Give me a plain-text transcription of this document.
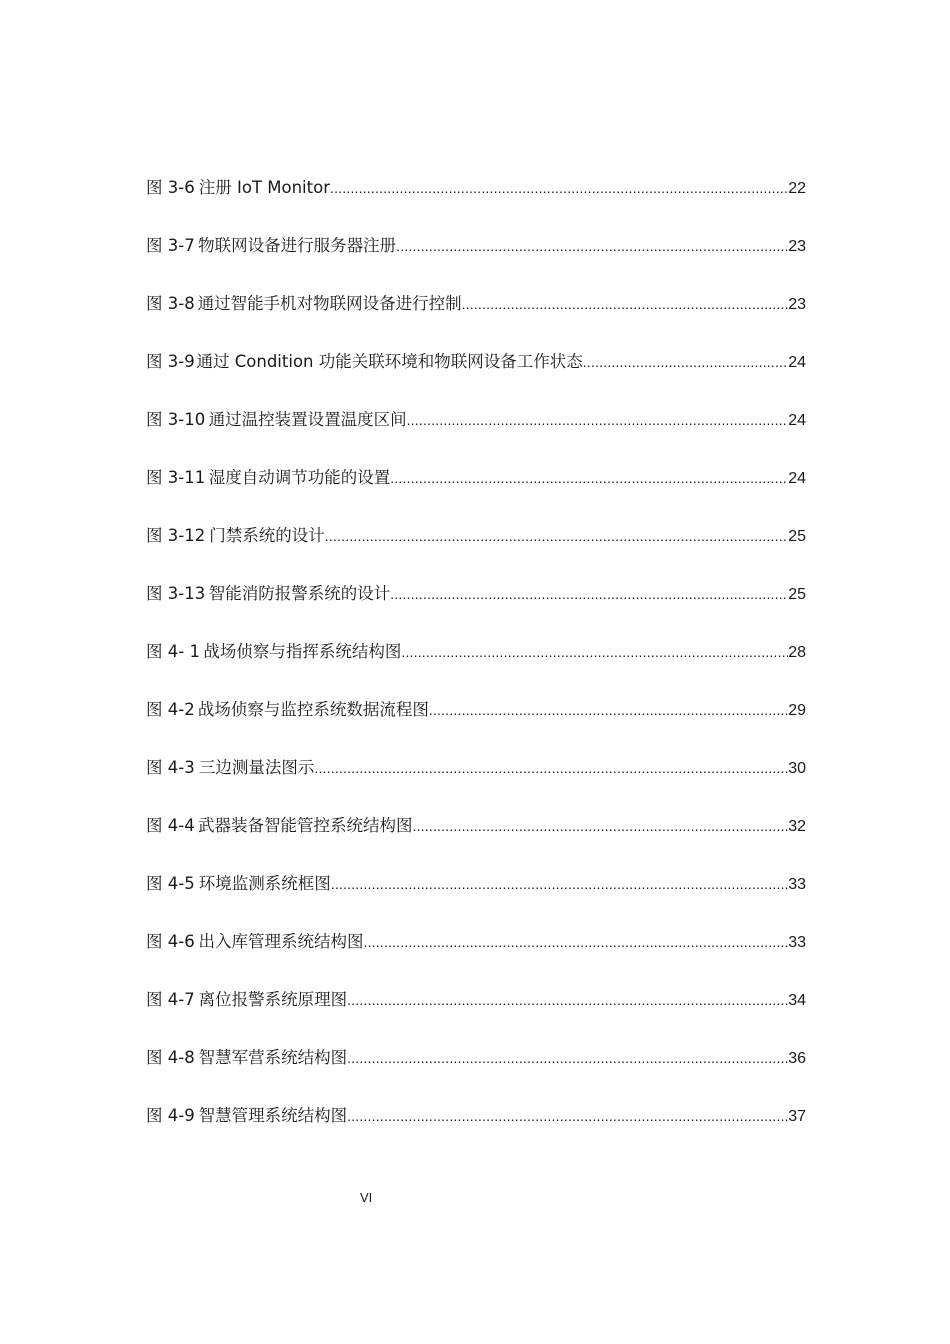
图 3-6 注册 IoT Monitor .....	22
图 3-7 物联网设备进行服务器注册 .....	23
图 3-8 通过智能手机对物联网设备进行控制 .....	23
图 3-9 通过 Condition 功能关联环境和物联网设备工作状态 .....	24
图 3-10 通过温控装置设置温度区间 .....	24
图 3-11 湿度自动调节功能的设置 .....	24
图 3-12 门禁系统的设计 .....	25
图 3-13 智能消防报警系统的设计 .....	25
图 4- 1 战场侦察与指挥系统结构图 .....	28
图 4-2 战场侦察与监控系统数据流程图 .....	29
图 4-3 三边测量法图示 .....	30
图 4-4 武器装备智能管控系统结构图 .....	32
图 4-5 环境监测系统框图 .....	33
图 4-6 出入库管理系统结构图 .....	33
图 4-7 离位报警系统原理图 .....	34
图 4-8 智慧军营系统结构图 .....	36
图 4-9 智慧管理系统结构图 .....	37
VI
